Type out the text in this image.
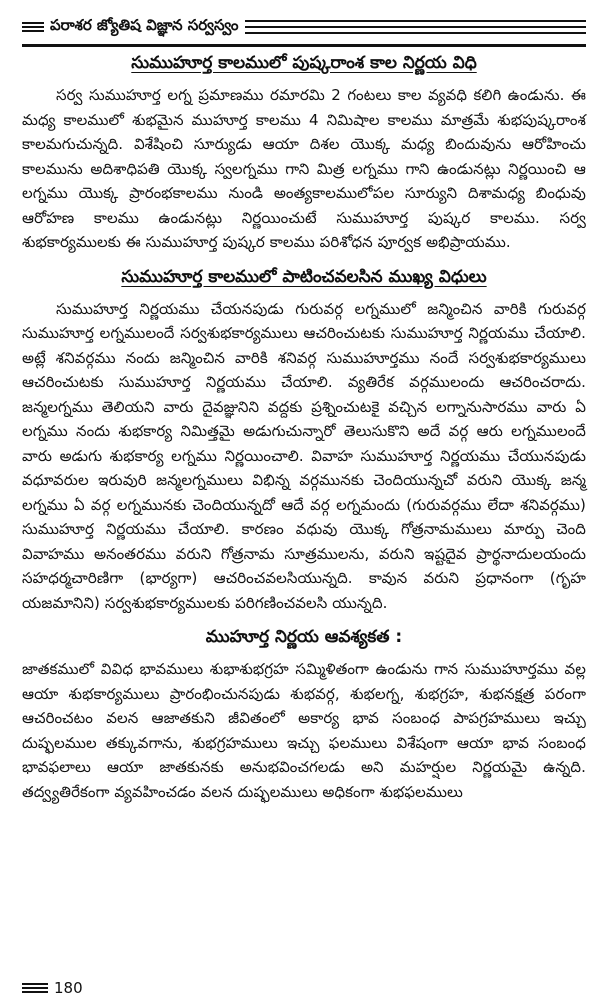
పరాశర జ్యోతిష విజ్ఞాన సర్వస్వం
సుముహూర్త కాలములో పుష్కరాంశ కాల నిర్ణయ విధి

సర్వ సుముహూర్త లగ్న ప్రమాణము రమారమి 2 గంటలు కాల వ్యవధి కలిగి ఉండును. ఈ మధ్య కాలములో శుభమైన ముహూర్త కాలము 4 నిమిషాల కాలము మాత్రమే శుభపుష్కరాంశ కాలమగుచున్నది. విశేషించి సూర్యుడు ఆయా దిశల యొక్క మధ్య బిందువును ఆరోహించు కాలమును అదిశాధిపతి యొక్క స్వలగ్నము గాని మిత్ర లగ్నము గాని ఉండునట్లు నిర్ణయించి ఆ లగ్నము యొక్క ప్రారంభకాలము నుండి అంత్యకాలములోపల సూర్యుని దిశామధ్య బింధువు ఆరోహణ కాలము ఉండునట్లు నిర్ణయించుటే సుముహూర్త పుష్కర కాలము. సర్వ శుభకార్యములకు ఈ సుముహూర్త పుష్కర కాలము పరిశోధన పూర్వక అభిప్రాయము.

సుముహూర్త కాలములో పాటించవలసిన ముఖ్య విధులు

సుముహూర్త నిర్ణయము చేయనపుడు గురువర్గ లగ్నములో జన్మించిన వారికి గురువర్గ సుముహూర్త లగ్నములందే సర్వశుభకార్యములు ఆచరించుటకు సుముహూర్త నిర్ణయము చేయాలి. అట్లే శనివర్గము నందు జన్మించిన వారికి శనివర్గ సుముహూర్తము నందే సర్వశుభకార్యములు ఆచరించుటకు సుముహూర్త నిర్ణయము చేయాలి. వ్యతిరేక వర్గములందు ఆచరించరాదు. జన్మలగ్నము తెలియని వారు దైవజ్ఞునిని వద్దకు ప్రశ్నించుటకై వచ్చిన లగ్నానుసారము వారు ఏ లగ్నము నందు శుభకార్య నిమిత్తమై అడుగుచున్నారో తెలుసుకొని అదే వర్గ ఆరు లగ్నములందే వారు అడుగు శుభకార్య లగ్నము నిర్ణయించాలి. వివాహ సుముహూర్త నిర్ణయము చేయునపుడు వధూవరుల ఇరువురి జన్మలగ్నములు విభిన్న వర్గమునకు చెందియున్నచో వరుని యొక్క జన్మ లగ్నము ఏ వర్గ లగ్నమునకు చెందియున్నదో ఆదే వర్గ లగ్నమందు (గురువర్గము లేదా శనివర్గము) సుముహూర్త నిర్ణయము చేయాలి. కారణం వధువు యొక్క గోత్రనామములు మార్పు చెంది వివాహము అనంతరము వరుని గోత్రనామ సూత్రములను, వరుని ఇష్టదైవ ప్రార్థనాదులయందు సహధర్మచారిణిగా (భార్యగా) ఆచరించవలసియున్నది. కావున వరుని ప్రధానంగా (గృహ యజమానిని) సర్వశుభకార్యములకు పరిగణించవలసి యున్నది.

ముహూర్త నిర్ణయ ఆవశ్యకత :

జాతకములో వివిధ భావములు శుభాశుభగ్రహ సమ్మిళితంగా ఉండును గాన సుముహూర్తము వల్ల ఆయా శుభకార్యములు ప్రారంభించునపుడు శుభవర్గ, శుభలగ్న, శుభగ్రహ, శుభనక్షత్ర పరంగా ఆచరించటం వలన ఆజాతకుని జీవితంలో అకార్య భావ సంబంధ పాపగ్రహములు ఇచ్చు దుష్ఫలముల తక్కువగాను, శుభగ్రహములు ఇచ్చు ఫలములు విశేషంగా ఆయా భావ సంబంధ భావఫలాలు ఆయా జాతకునకు అనుభవించగలడు అని మహర్షుల నిర్ణయమై ఉన్నది. తద్వ్యతిరేకంగా వ్యవహించడం వలన దుష్ఫలములు అధికంగా శుభఫలములు

180
